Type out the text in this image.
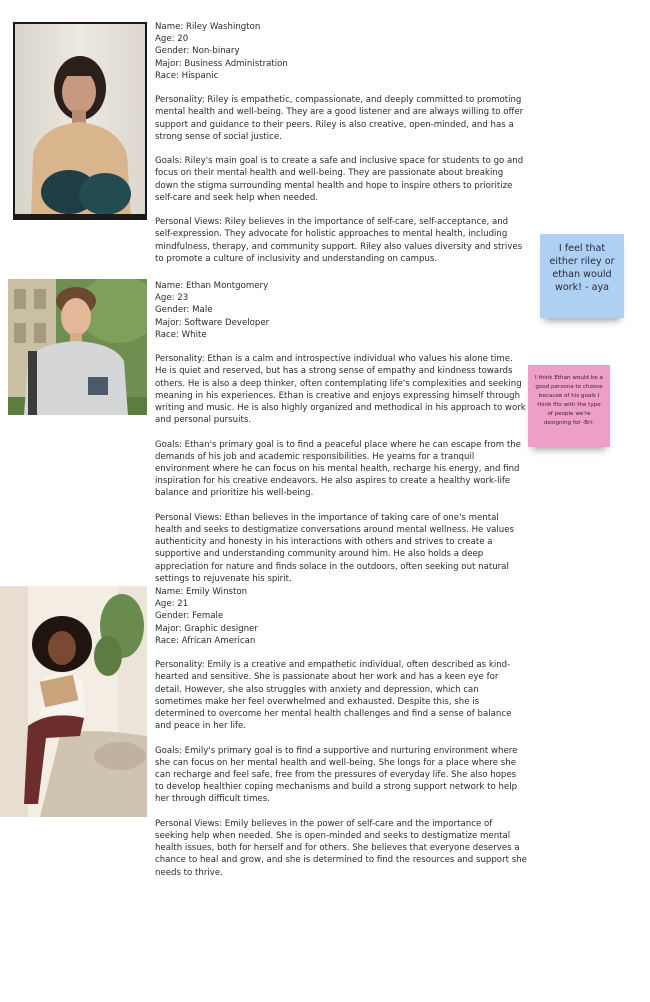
Name: Riley Washington
Age: 20
Gender: Non-binary
Major: Business Administration
Race: Hispanic

Personality: Riley is empathetic, compassionate, and deeply committed to promoting mental health and well-being. They are a good listener and are always willing to offer support and guidance to their peers. Riley is also creative, open-minded, and has a strong sense of social justice.

Goals: Riley's main goal is to create a safe and inclusive space for students to go and focus on their mental health and well-being. They are passionate about breaking down the stigma surrounding mental health and hope to inspire others to prioritize self-care and seek help when needed.

Personal Views: Riley believes in the importance of self-care, self-acceptance, and self-expression. They advocate for holistic approaches to mental health, including mindfulness, therapy, and community support. Riley also values diversity and strives to promote a culture of inclusivity and understanding on campus.

Name: Ethan Montgomery
Age: 23
Gender: Male
Major: Software Developer
Race: White

Personality: Ethan is a calm and introspective individual who values his alone time. He is quiet and reserved, but has a strong sense of empathy and kindness towards others. He is also a deep thinker, often contemplating life's complexities and seeking meaning in his experiences. Ethan is creative and enjoys expressing himself through writing and music. He is also highly organized and methodical in his approach to work and personal pursuits.

Goals: Ethan's primary goal is to find a peaceful place where he can escape from the demands of his job and academic responsibilities. He yearns for a tranquil environment where he can focus on his mental health, recharge his energy, and find inspiration for his creative endeavors. He also aspires to create a healthy work-life balance and prioritize his well-being.

Personal Views: Ethan believes in the importance of taking care of one's mental health and seeks to destigmatize conversations around mental wellness. He values authenticity and honesty in his interactions with others and strives to create a supportive and understanding community around him. He also holds a deep appreciation for nature and finds solace in the outdoors, often seeking out natural settings to rejuvenate his spirit.

Name: Emily Winston
Age: 21
Gender: Female
Major: Graphic designer
Race: African American

Personality: Emily is a creative and empathetic individual, often described as kind-hearted and sensitive. She is passionate about her work and has a keen eye for detail. However, she also struggles with anxiety and depression, which can sometimes make her feel overwhelmed and exhausted. Despite this, she is determined to overcome her mental health challenges and find a sense of balance and peace in her life.

Goals: Emily's primary goal is to find a supportive and nurturing environment where she can focus on her mental health and well-being. She longs for a place where she can recharge and feel safe, free from the pressures of everyday life. She also hopes to develop healthier coping mechanisms and build a strong support network to help her through difficult times.

Personal Views: Emily believes in the power of self-care and the importance of seeking help when needed. She is open-minded and seeks to destigmatize mental health issues, both for herself and for others. She believes that everyone deserves a chance to heal and grow, and she is determined to find the resources and support she needs to thrive.

I feel that either riley or ethan would work! - aya
I think Ethan would be a good persona to choose because of his goals I think fits with the type of people we're designing for -Bri-
